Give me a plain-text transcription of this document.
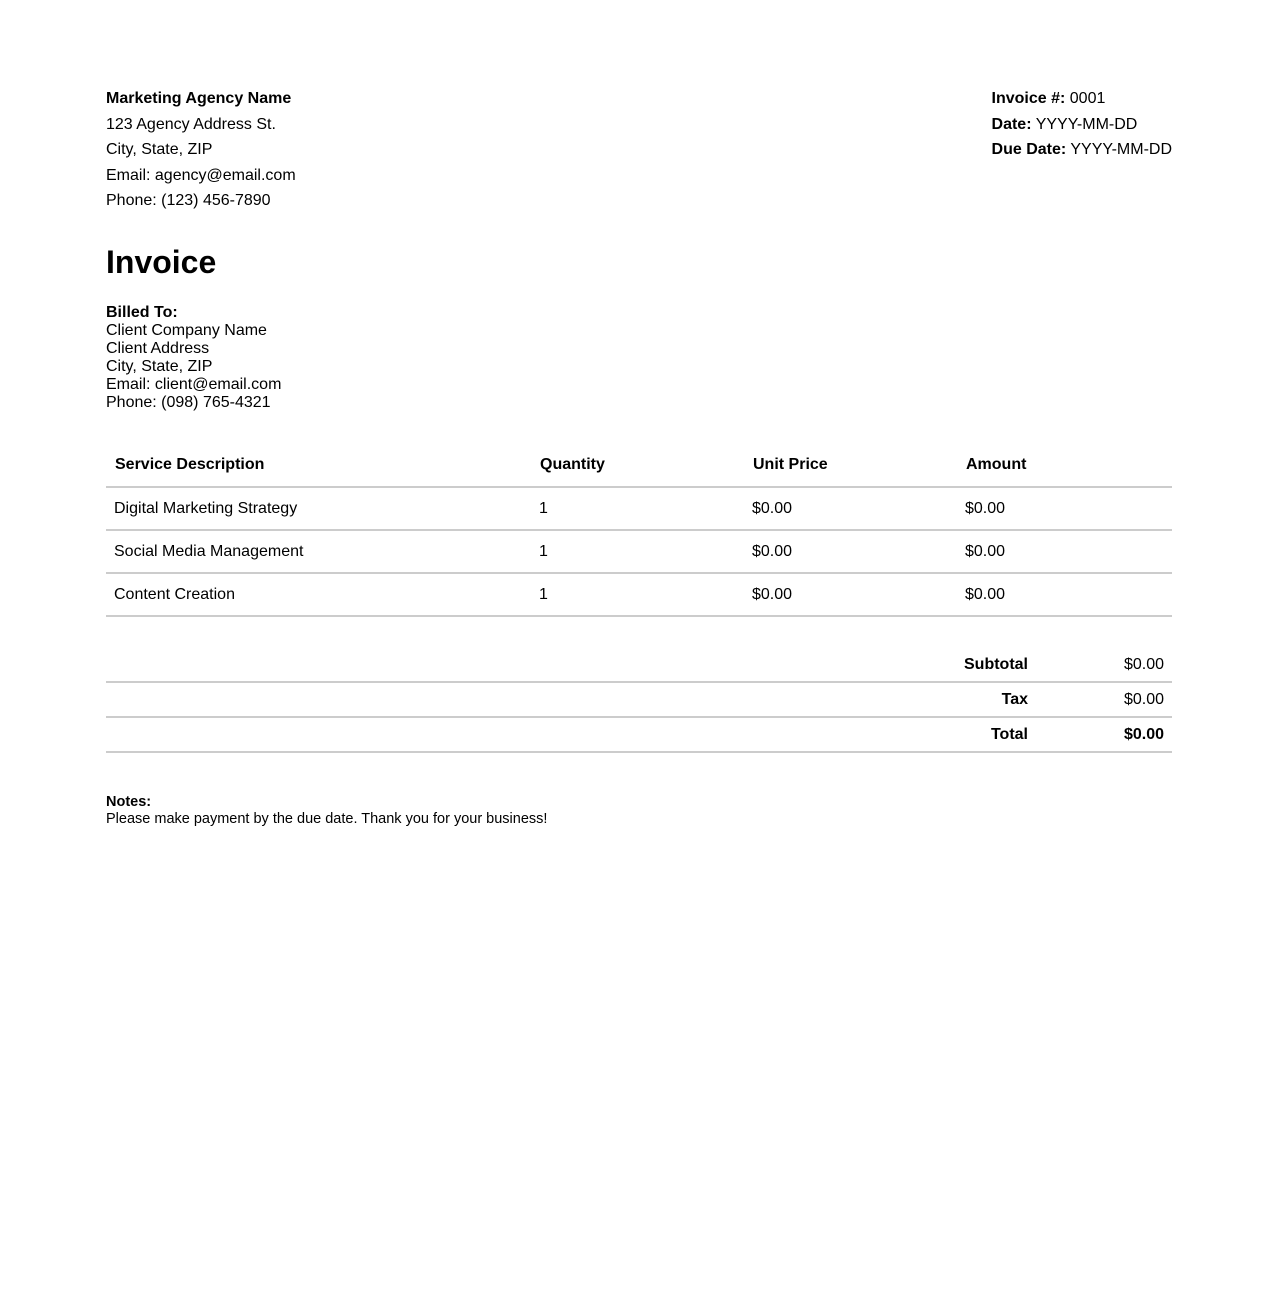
Marketing Agency Name
123 Agency Address St.
City, State, ZIP
Email: agency@email.com
Phone: (123) 456-7890
Invoice #: 0001
Date: YYYY-MM-DD
Due Date: YYYY-MM-DD
Invoice
Billed To:
Client Company Name
Client Address
City, State, ZIP
Email: client@email.com
Phone: (098) 765-4321
Service Description	Quantity	Unit Price	Amount
Digital Marketing Strategy	1	$0.00	$0.00
Social Media Management	1	$0.00	$0.00
Content Creation	1	$0.00	$0.00
Subtotal	$0.00
Tax	$0.00
Total	$0.00
Notes:
Please make payment by the due date. Thank you for your business!
